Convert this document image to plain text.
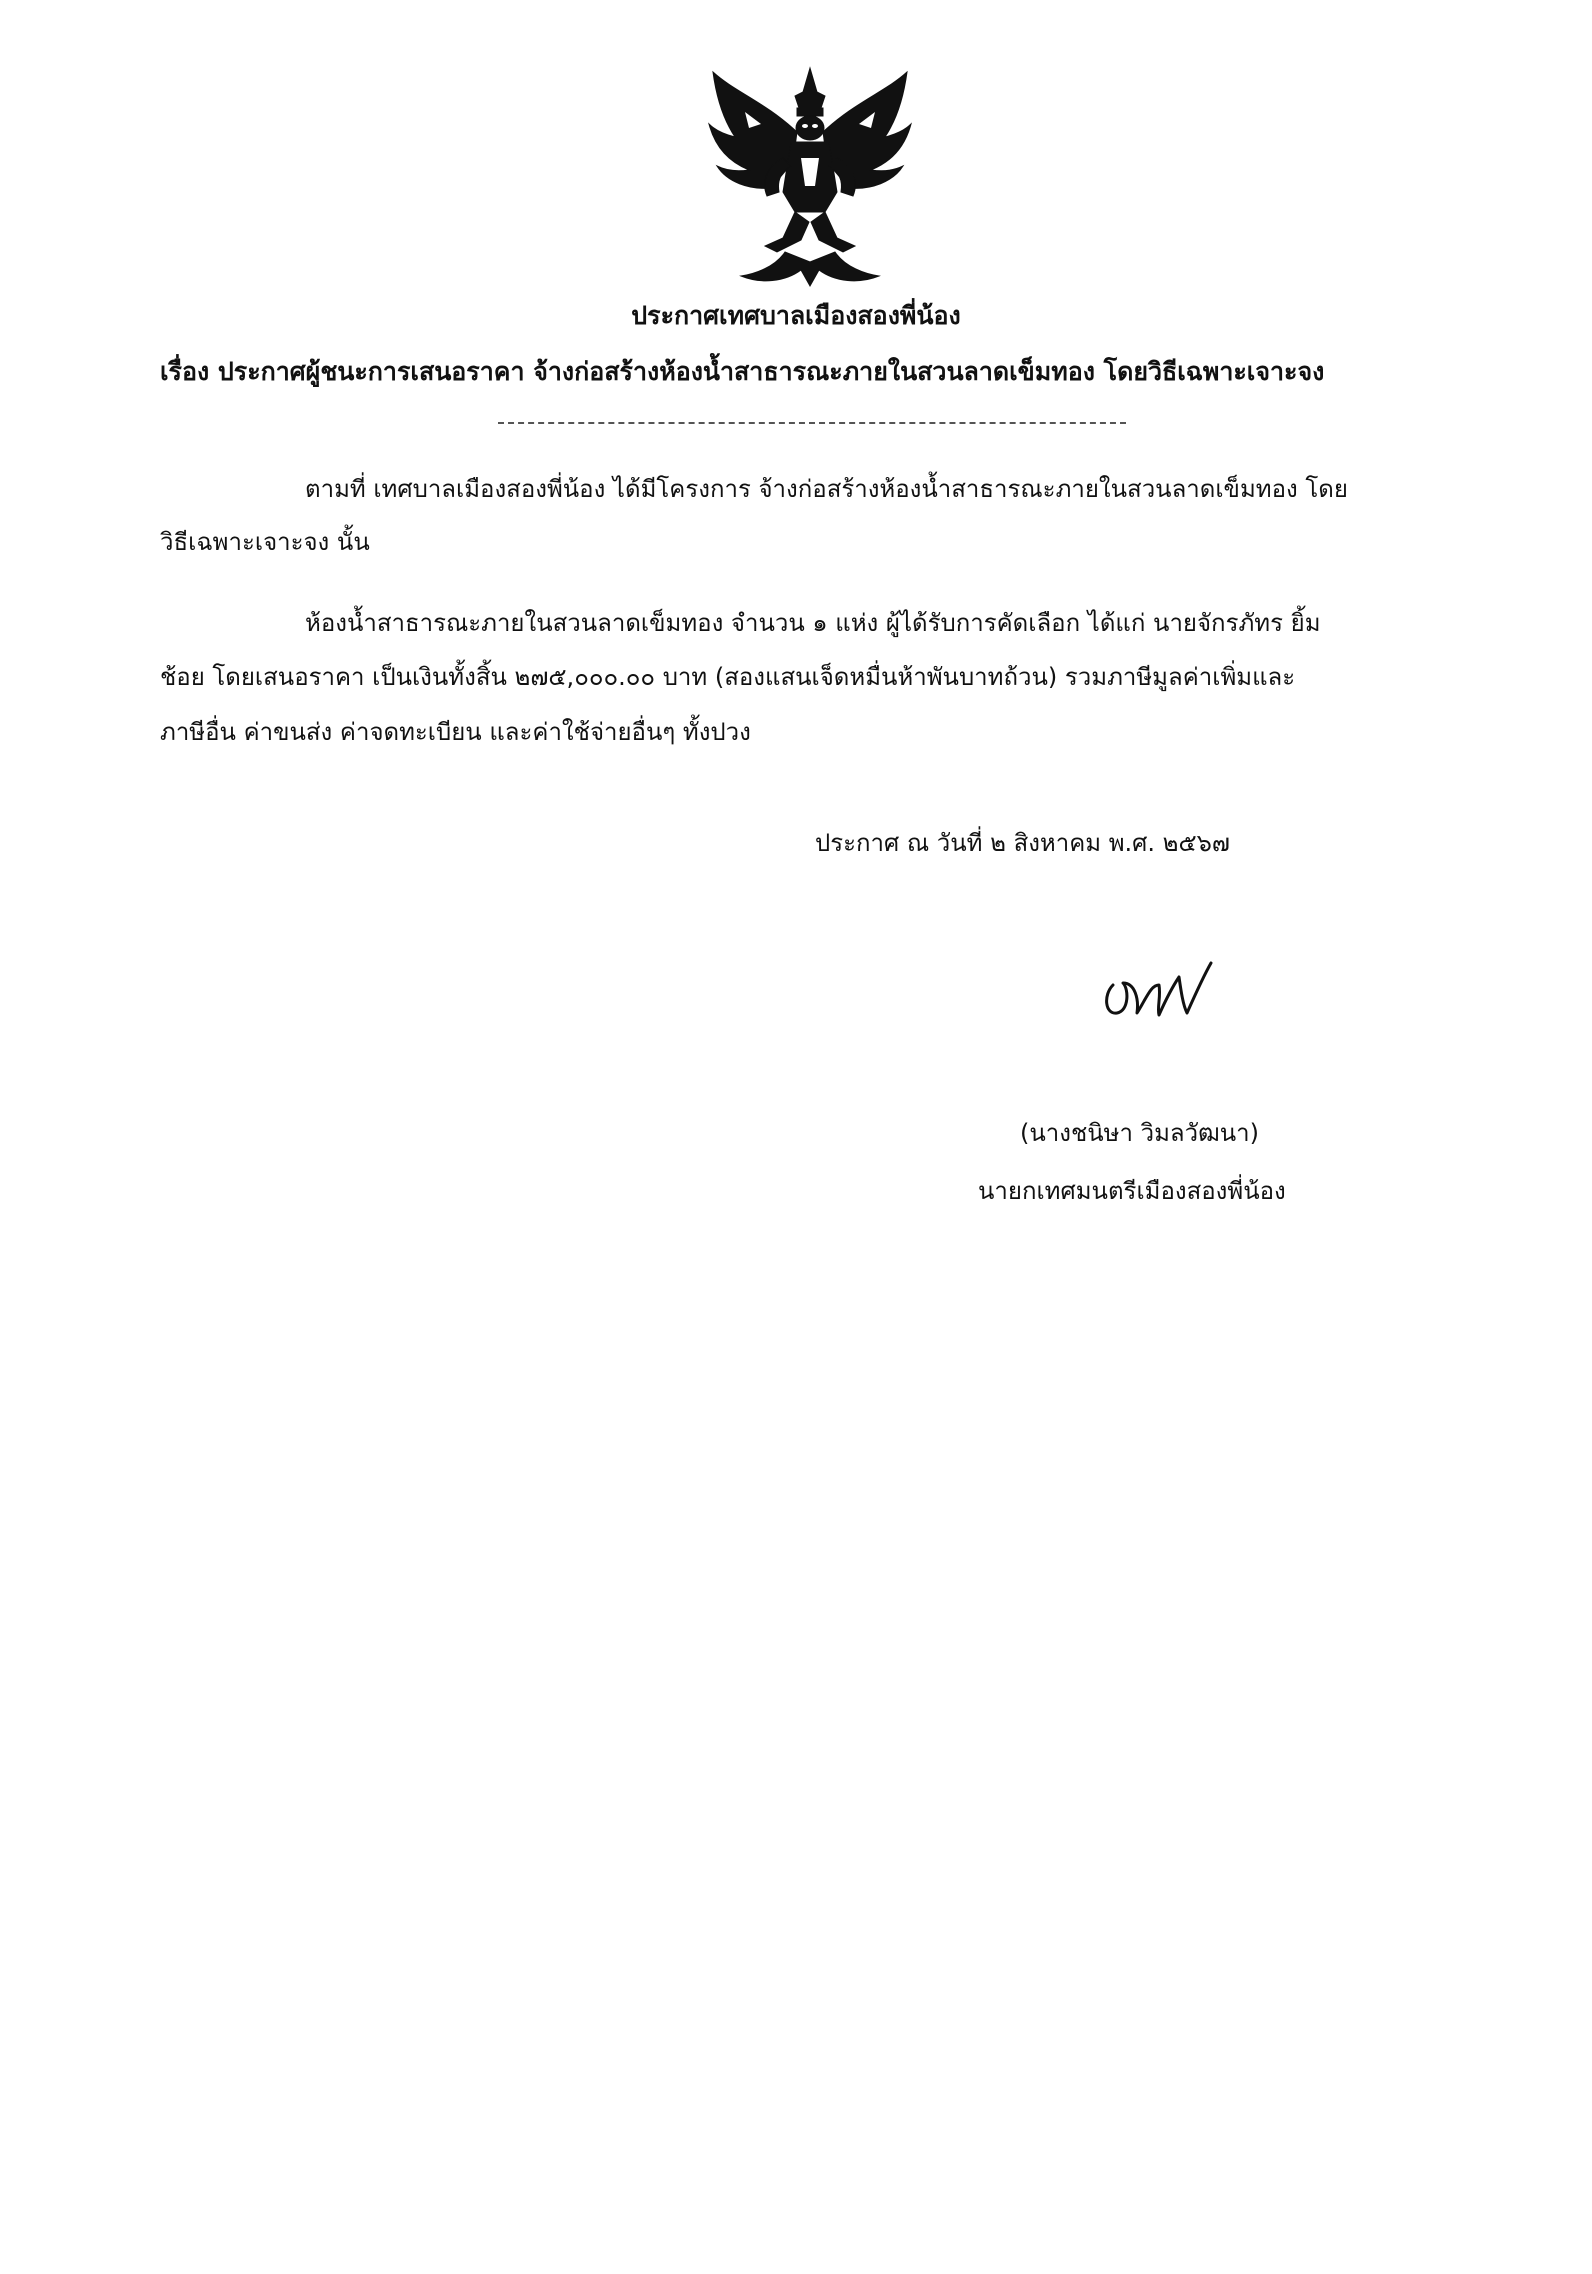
ประกาศเทศบาลเมืองสองพี่น้อง
เรื่อง ประกาศผู้ชนะการเสนอราคา จ้างก่อสร้างห้องน้ำสาธารณะภายในสวนลาดเข็มทอง โดยวิธีเฉพาะเจาะจง
ตามที่ เทศบาลเมืองสองพี่น้อง ได้มีโครงการ จ้างก่อสร้างห้องน้ำสาธารณะภายในสวนลาดเข็มทอง โดย
วิธีเฉพาะเจาะจง นั้น
ห้องน้ำสาธารณะภายในสวนลาดเข็มทอง จำนวน ๑ แห่ง ผู้ได้รับการคัดเลือก ได้แก่ นายจักรภัทร ยิ้ม
ช้อย โดยเสนอราคา เป็นเงินทั้งสิ้น ๒๗๕,๐๐๐.๐๐ บาท (สองแสนเจ็ดหมื่นห้าพันบาทถ้วน) รวมภาษีมูลค่าเพิ่มและ
ภาษีอื่น ค่าขนส่ง ค่าจดทะเบียน และค่าใช้จ่ายอื่นๆ ทั้งปวง
ประกาศ ณ วันที่ ๒ สิงหาคม พ.ศ. ๒๕๖๗
(นางชนิษา วิมลวัฒนา)
นายกเทศมนตรีเมืองสองพี่น้อง
